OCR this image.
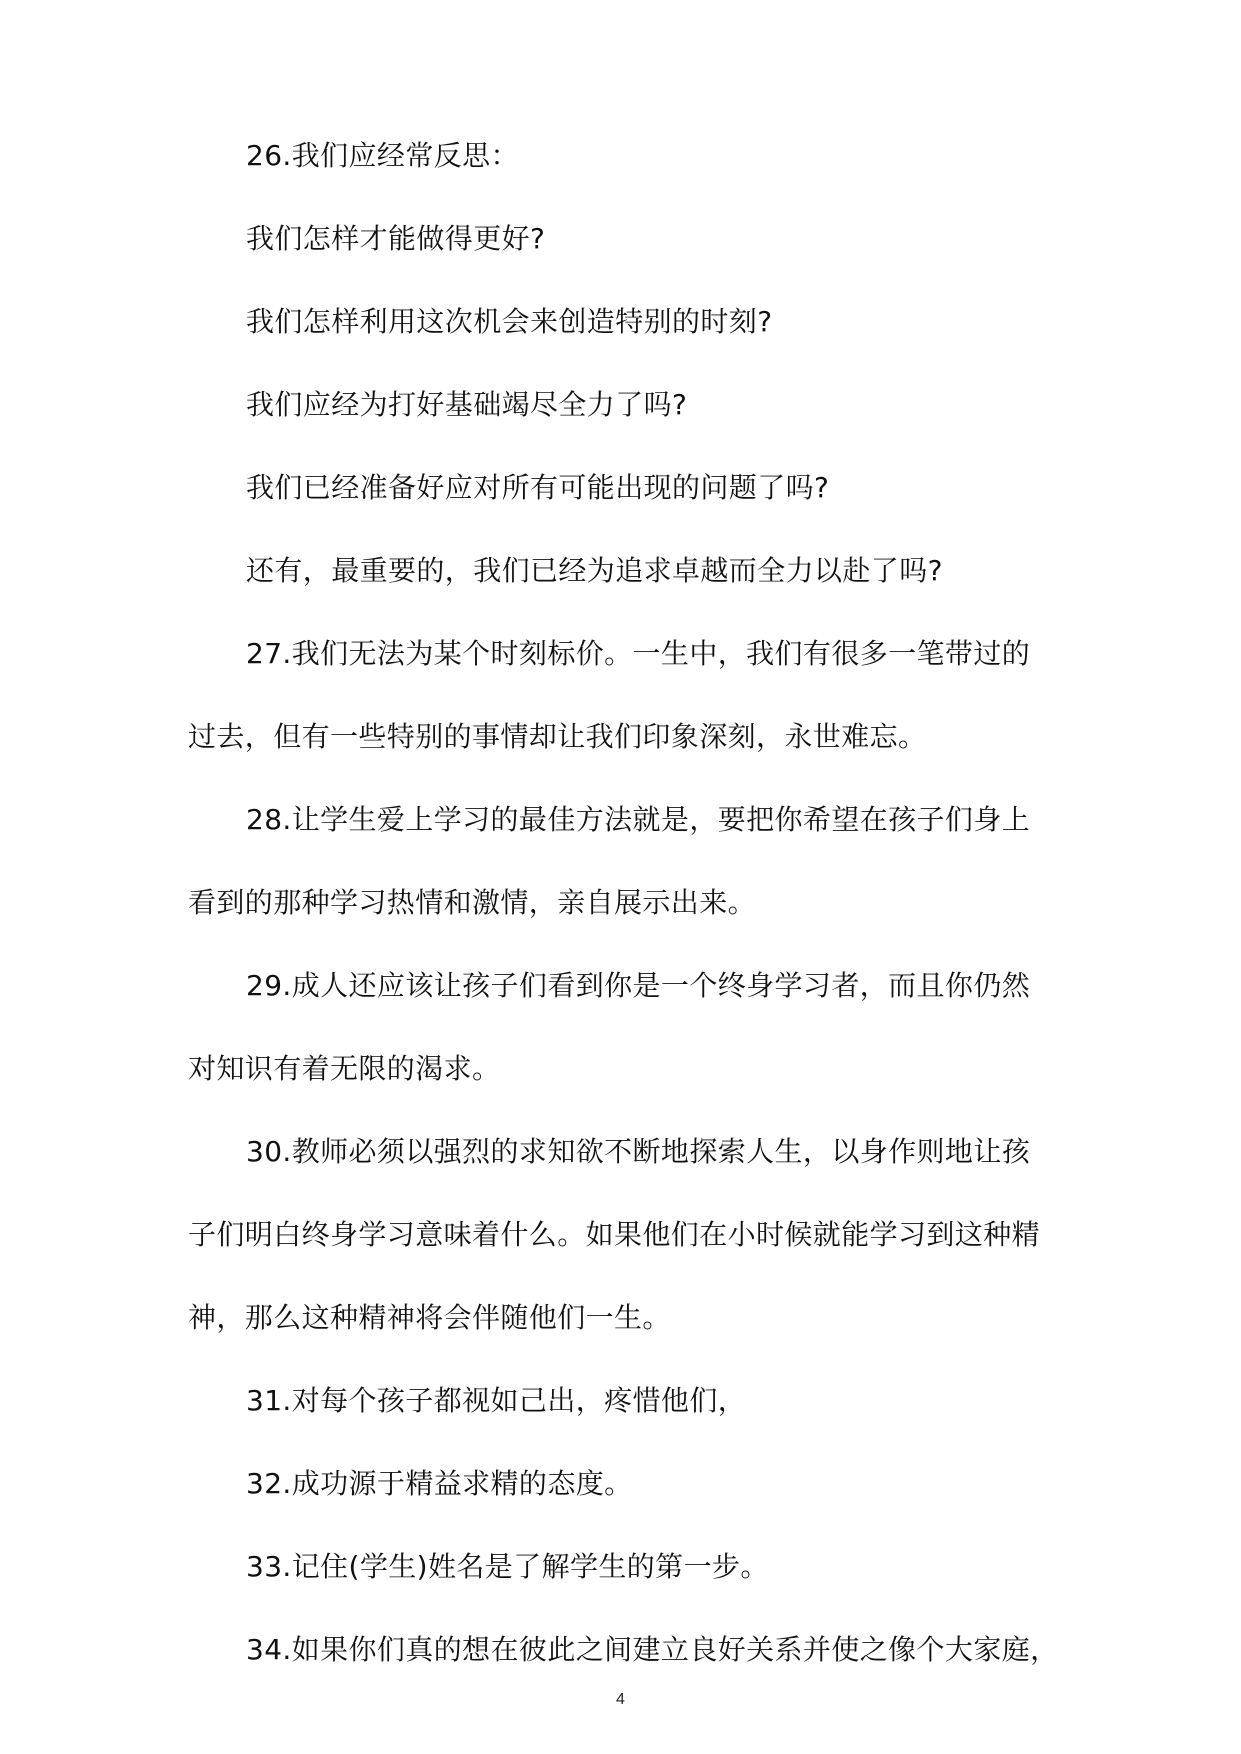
26.我们应经常反思：
我们怎样才能做得更好?
我们怎样利用这次机会来创造特别的时刻?
我们应经为打好基础竭尽全力了吗?
我们已经准备好应对所有可能出现的问题了吗?
还有，最重要的，我们已经为追求卓越而全力以赴了吗?
27.我们无法为某个时刻标价。一生中，我们有很多一笔带过的
过去，但有一些特别的事情却让我们印象深刻，永世难忘。
28.让学生爱上学习的最佳方法就是，要把你希望在孩子们身上
看到的那种学习热情和激情，亲自展示出来。
29.成人还应该让孩子们看到你是一个终身学习者，而且你仍然
对知识有着无限的渴求。
30.教师必须以强烈的求知欲不断地探索人生，以身作则地让孩
子们明白终身学习意味着什么。如果他们在小时候就能学习到这种精
神，那么这种精神将会伴随他们一生。
31.对每个孩子都视如己出，疼惜他们，
32.成功源于精益求精的态度。
33.记住(学生)姓名是了解学生的第一步。
34.如果你们真的想在彼此之间建立良好关系并使之像个大家庭，
4
